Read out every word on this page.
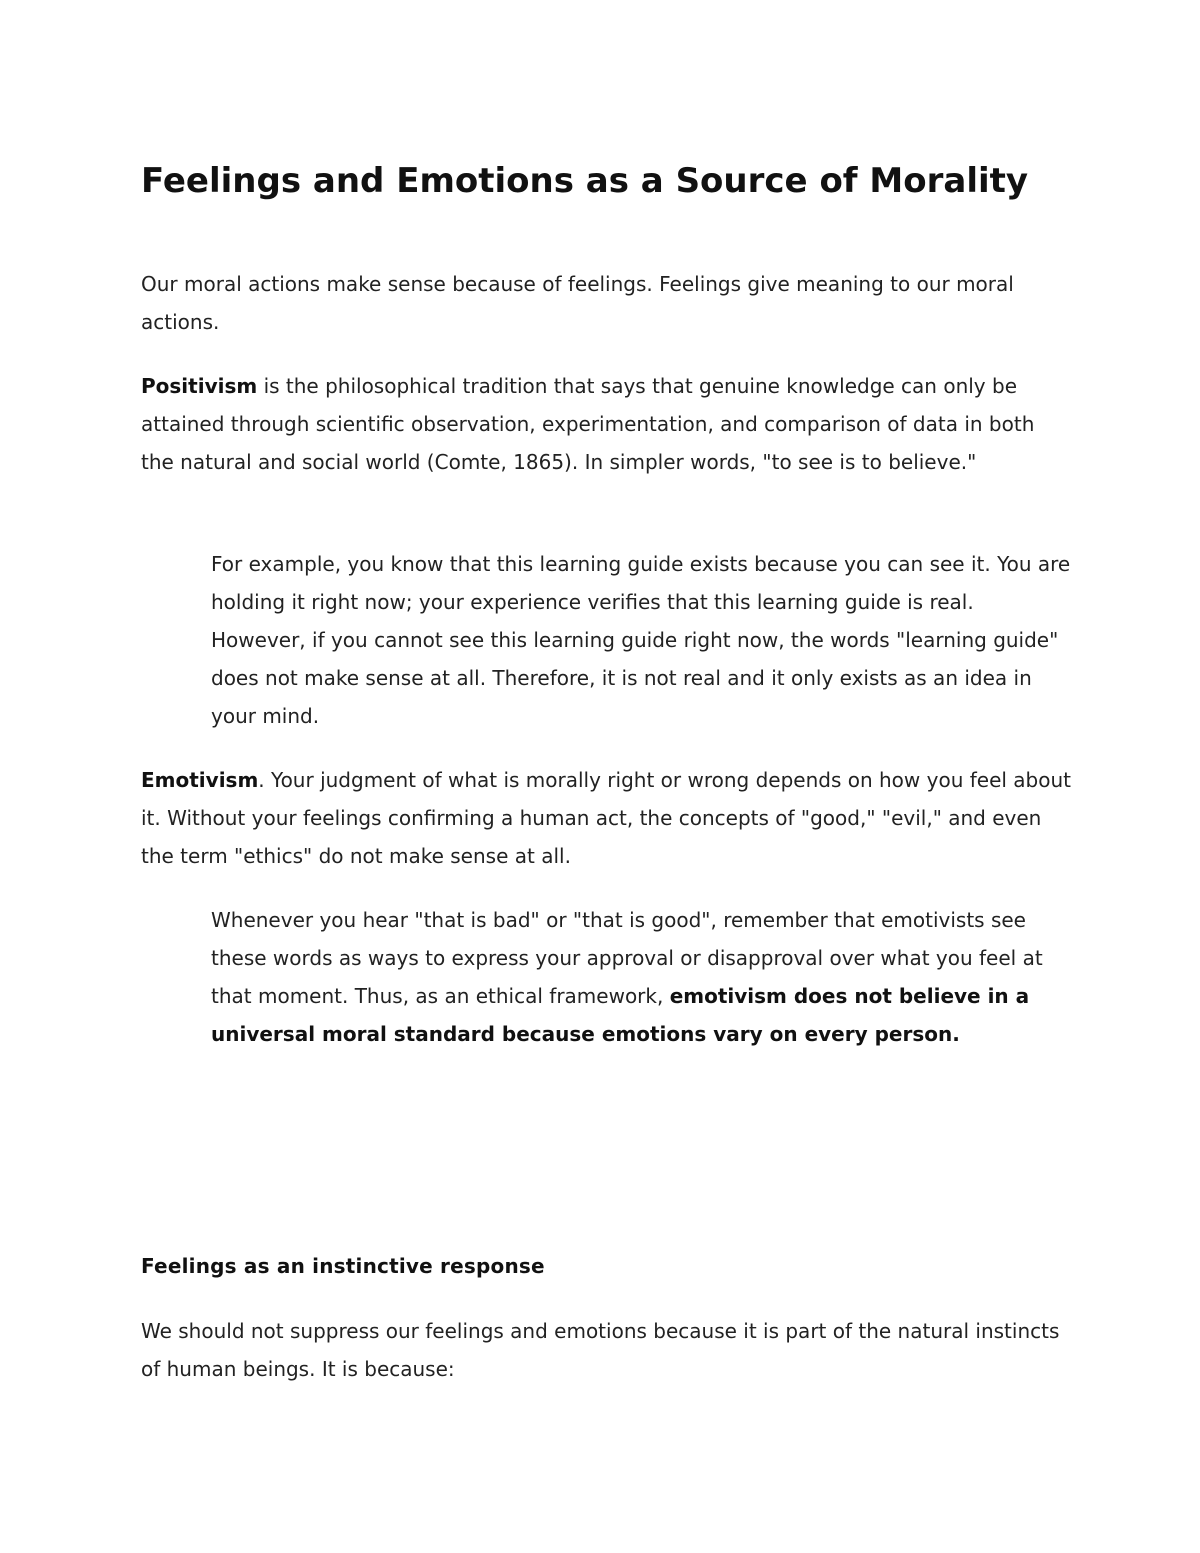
Feelings and Emotions as a Source of Morality

Our moral actions make sense because of feelings. Feelings give meaning to our moral actions.

Positivism is the philosophical tradition that says that genuine knowledge can only be attained through scientific observation, experimentation, and comparison of data in both the natural and social world (Comte, 1865). In simpler words, "to see is to believe."

For example, you know that this learning guide exists because you can see it. You are holding it right now; your experience verifies that this learning guide is real. However, if you cannot see this learning guide right now, the words "learning guide" does not make sense at all. Therefore, it is not real and it only exists as an idea in your mind.

Emotivism. Your judgment of what is morally right or wrong depends on how you feel about it. Without your feelings confirming a human act, the concepts of "good," "evil," and even the term "ethics" do not make sense at all.

Whenever you hear "that is bad" or "that is good", remember that emotivists see these words as ways to express your approval or disapproval over what you feel at that moment. Thus, as an ethical framework, emotivism does not believe in a universal moral standard because emotions vary on every person.

Feelings as an instinctive response

We should not suppress our feelings and emotions because it is part of the natural instincts of human beings. It is because:
